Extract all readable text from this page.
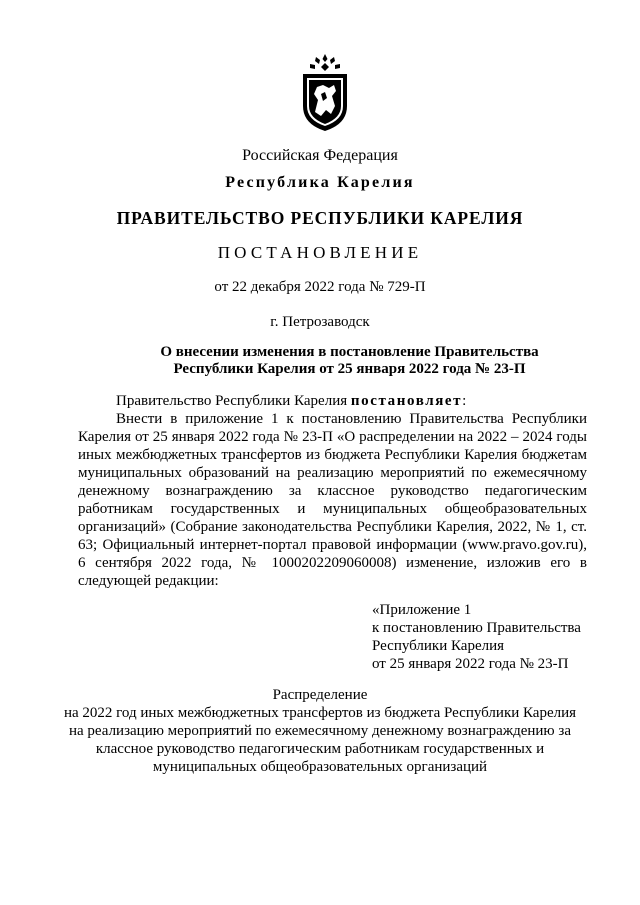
Российская Федерация
Республика Карелия
ПРАВИТЕЛЬСТВО РЕСПУБЛИКИ КАРЕЛИЯ
ПОСТАНОВЛЕНИЕ
от 22 декабря 2022 года № 729-П
г. Петрозаводск
О внесении изменения в постановление Правительства Республики Карелия от 25 января 2022 года № 23-П
Правительство Республики Карелия постановляет:
Внести в приложение 1 к постановлению Правительства Республики Карелия от 25 января 2022 года № 23-П «О распределении на 2022 – 2024 годы иных межбюджетных трансфертов из бюджета Республики Карелия бюджетам муниципальных образований на реализацию мероприятий по ежемесячному денежному вознаграждению за классное руководство педагогическим работникам государственных и муниципальных общеобразовательных организаций» (Собрание законодательства Республики Карелия, 2022, № 1, ст. 63; Официальный интернет-портал правовой информации (www.pravo.gov.ru), 6 сентября 2022 года, № 1000202209060008) изменение, изложив его в следующей редакции:
«Приложение 1
к постановлению Правительства
Республики Карелия
от 25 января 2022 года № 23-П
Распределение
на 2022 год иных межбюджетных трансфертов из бюджета Республики Карелия на реализацию мероприятий по ежемесячному денежному вознаграждению за классное руководство педагогическим работникам государственных и муниципальных общеобразовательных организаций
